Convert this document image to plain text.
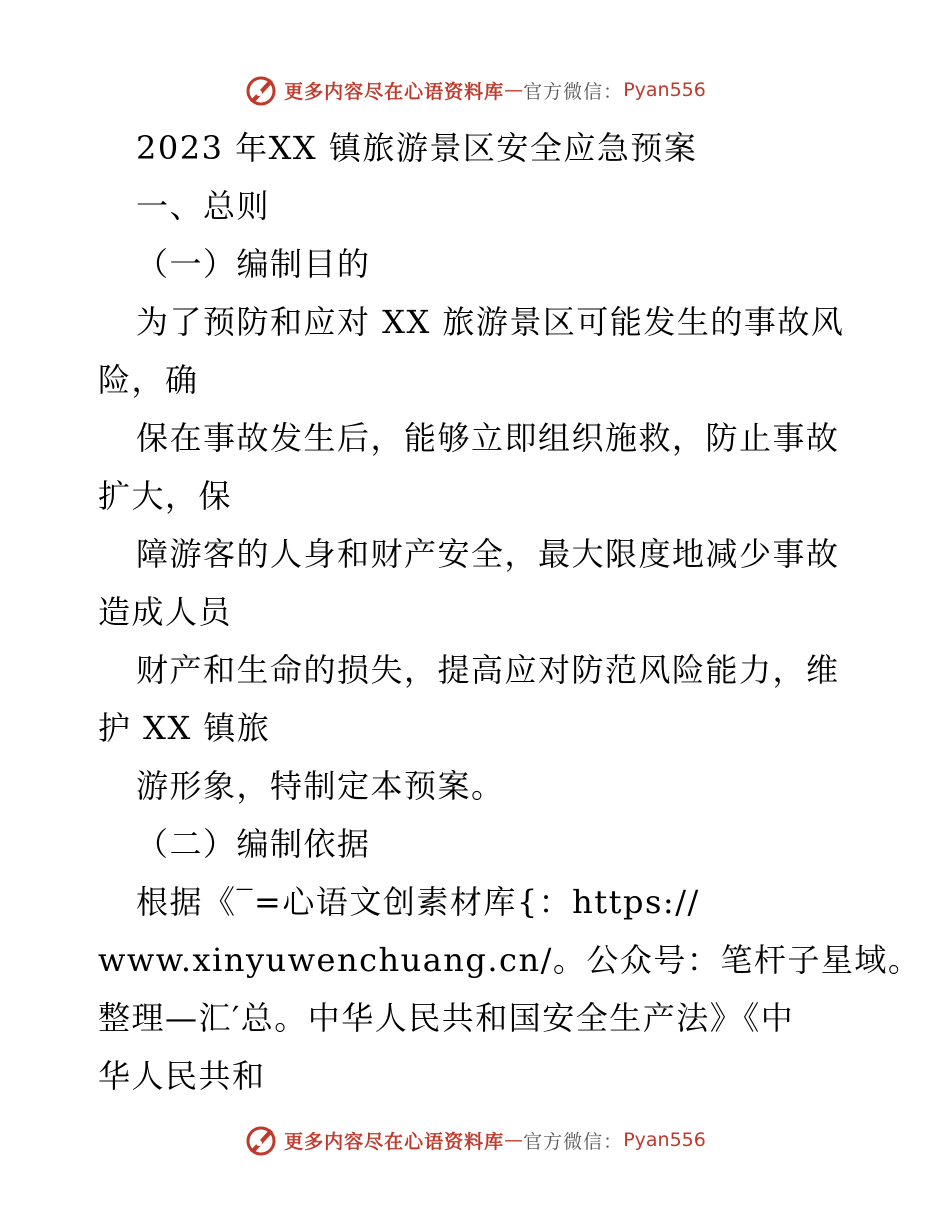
更多内容尽在心语资料库 — 官方微信： Pyan556
2023 年XX 镇旅游景区安全应急预案
一、总则
（一）编制目的
为了预防和应对 XX 旅游景区可能发生的事故风
险，确
保在事故发生后，能够立即组织施救，防止事故
扩大，保
障游客的人身和财产安全，最大限度地减少事故
造成人员
财产和生命的损失，提高应对防范风险能力，维
护 XX 镇旅
游形象，特制定本预案。
（二）编制依据
根据《‾=心语文创素材库{：https://
www.xinyuwenchuang.cn/。公众号：笔杆子星域。
整理—汇′总。中华人民共和国安全生产法》《中
华人民共和
更多内容尽在心语资料库 — 官方微信： Pyan556
